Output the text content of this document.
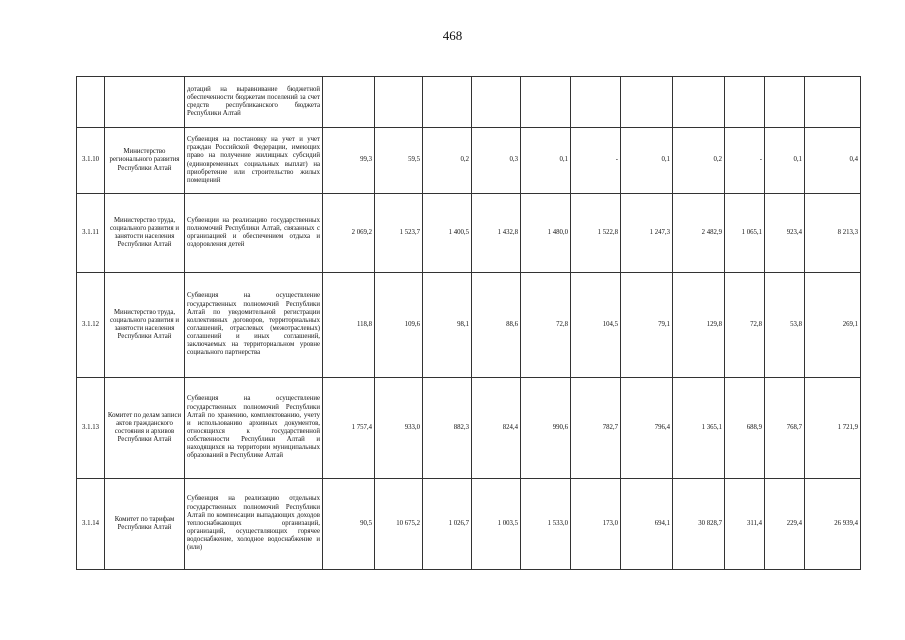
468
		дотаций на выравнивание бюджетной обеспеченности бюджетам поселений за счет средств республиканского бюджета Республики Алтай											
3.1.10	Министерство регионального развития Республики Алтай	Субвенция на постановку на учет и учет граждан Российской Федерации, имеющих право на получение жилищных субсидий (единовременных социальных выплат) на приобретение или строительство жилых помещений	99,3	59,5	0,2	0,3	0,1	-	0,1	0,2	-	0,1	0,4
3.1.11	Министерство труда, социального развития и занятости населения Республики Алтай	Субвенции на реализацию государственных полномочий Республики Алтай, связанных с организацией и обеспечением отдыха и оздоровления детей	2 069,2	1 523,7	1 400,5	1 432,8	1 480,0	1 522,8	1 247,3	2 482,9	1 065,1	923,4	8 213,3
3.1.12	Министерство труда, социального развития и занятости населения Республики Алтай	Субвенция на осуществление государственных полномочий Республики Алтай по уведомительной регистрации коллективных договоров, территориальных соглашений, отраслевых (межотраслевых) соглашений и иных соглашений, заключаемых на территориальном уровне социального партнерства	118,8	109,6	98,1	88,6	72,8	104,5	79,1	129,8	72,8	53,8	269,1
3.1.13	Комитет по делам записи актов гражданского состояния и архивов Республики Алтай	Субвенция на осуществление государственных полномочий Республики Алтай по хранению, комплектованию, учету и использованию архивных документов, относящихся к государственной собственности Республики Алтай и находящихся на территории муниципальных образований в Республике Алтай	1 757,4	933,0	882,3	824,4	990,6	782,7	796,4	1 365,1	688,9	768,7	1 721,9
3.1.14	Комитет по тарифам Республики Алтай	Субвенция на реализацию отдельных государственных полномочий Республики Алтай по компенсации выпадающих доходов теплоснабжающих организаций, организаций, осуществляющих горячее водоснабжение, холодное водоснабжение и (или)	90,5	10 675,2	1 026,7	1 003,5	1 533,0	173,0	694,1	30 828,7	311,4	229,4	26 939,4
